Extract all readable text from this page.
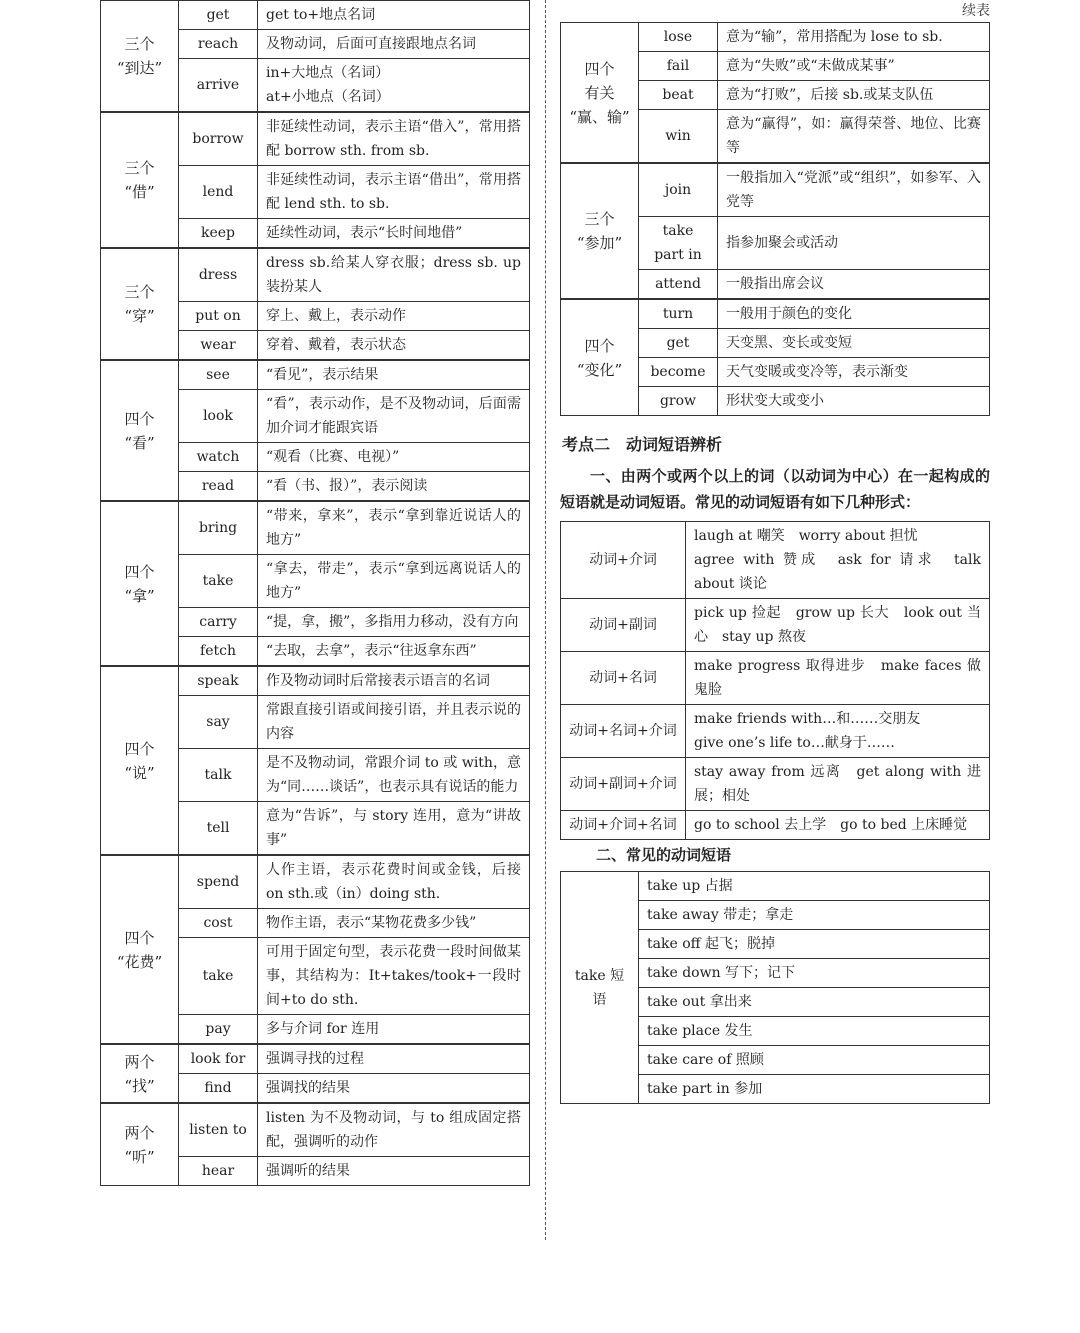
续表
三个
“到达”	get	get to+地点名词

	reach	及物动词，后面可直接跟地点名词

	arrive	in+大地点（名词）
at+小地点（名词）

三个
“借”	borrow	非延续性动词，表示主语“借入”，常用搭配 borrow sth. from sb.

	lend	非延续性动词，表示主语“借出”，常用搭配 lend sth. to sb.

	keep	延续性动词，表示“长时间地借”

三个
“穿”	dress	dress sb.给某人穿衣服；dress sb. up 装扮某人

	put on	穿上、戴上，表示动作

	wear	穿着、戴着，表示状态

四个
“看”	see	“看见”，表示结果

	look	“看”，表示动作，是不及物动词，后面需加介词才能跟宾语

	watch	“观看（比赛、电视）”

	read	“看（书、报）”，表示阅读

四个
“拿”	bring	“带来，拿来”，表示“拿到靠近说话人的地方”

	take	“拿去，带走”，表示“拿到远离说话人的地方”

	carry	“提，拿，搬”，多指用力移动，没有方向

	fetch	“去取，去拿”，表示“往返拿东西”

四个
“说”	speak	作及物动词时后常接表示语言的名词

	say	常跟直接引语或间接引语，并且表示说的内容

	talk	是不及物动词，常跟介词 to 或 with，意为“同……谈话”，也表示具有说话的能力

	tell	意为“告诉”，与 story 连用，意为“讲故事”

四个
“花费”	spend	人作主语，表示花费时间或金钱，后接 on sth.或（in）doing sth.

	cost	物作主语，表示“某物花费多少钱”

	take	可用于固定句型，表示花费一段时间做某事，其结构为：It+takes/took+一段时间+to do sth.

	pay	多与介词 for 连用

两个
“找”	look for	强调寻找的过程

	find	强调找的结果

两个
“听”	listen to	listen 为不及物动词，与 to 组成固定搭配，强调听的动作

	hear	强调听的结果
四个
有关
“赢、输”	lose	意为“输”，常用搭配为 lose to sb.

	fail	意为“失败”或“未做成某事”

	beat	意为“打败”，后接 sb.或某支队伍

	win	意为“赢得”，如：赢得荣誉、地位、比赛等

三个
“参加”	join	一般指加入“党派”或“组织”，如参军、入党等

	take part in	指参加聚会或活动

	attend	一般指出席会议

四个
“变化”	turn	一般用于颜色的变化

	get	天变黑、变长或变短

	become	天气变暖或变冷等，表示渐变

	grow	形状变大或变小
考点二　动词短语辨析

一、由两个或两个以上的词（以动词为中心）在一起构成的短语就是动词短语。常见的动词短语有如下几种形式：

动词+介词	laugh at 嘲笑　worry about 担忧
agree with 赞成　ask for 请求　talk about 谈论

动词+副词	pick up 捡起　grow up 长大　look out 当心　stay up 熬夜

动词+名词	make progress 取得进步　make faces 做鬼脸

动词+名词+介词	make friends with…和……交朋友
give one’s life to…献身于……

动词+副词+介词	stay away from 远离　get along with 进展；相处

动词+介词+名词	go to school 去上学　go to bed 上床睡觉
二、常见的动词短语
take 短语	take up 占据
take away 带走；拿走
take off 起飞；脱掉
take down 写下；记下
take out 拿出来
take place 发生
take care of 照顾
take part in 参加
